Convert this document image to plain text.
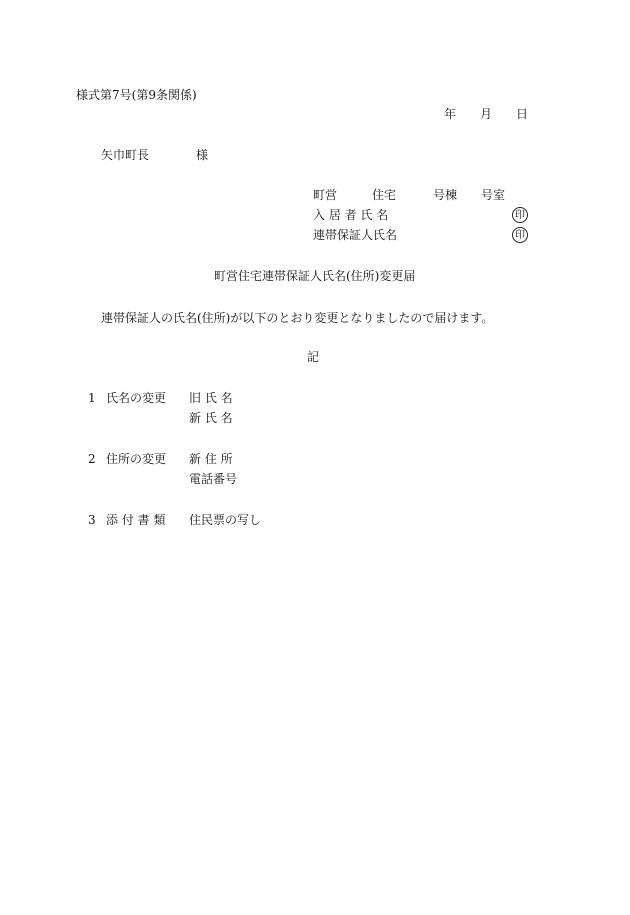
様式第7号(第9条関係)
年 月 日
矢巾町長	様
町営	住宅	号棟 号室
入 居 者 氏 名	印
連帯保証人氏名	印
町営住宅連帯保証人氏名(住所)変更届
連帯保証人の氏名(住所)が以下のとおり変更となりましたので届けます。
記
1 氏名の変更 旧 氏 名
新 氏 名
2 住所の変更 新 住 所
電話番号
3 添 付 書 類 住民票の写し
